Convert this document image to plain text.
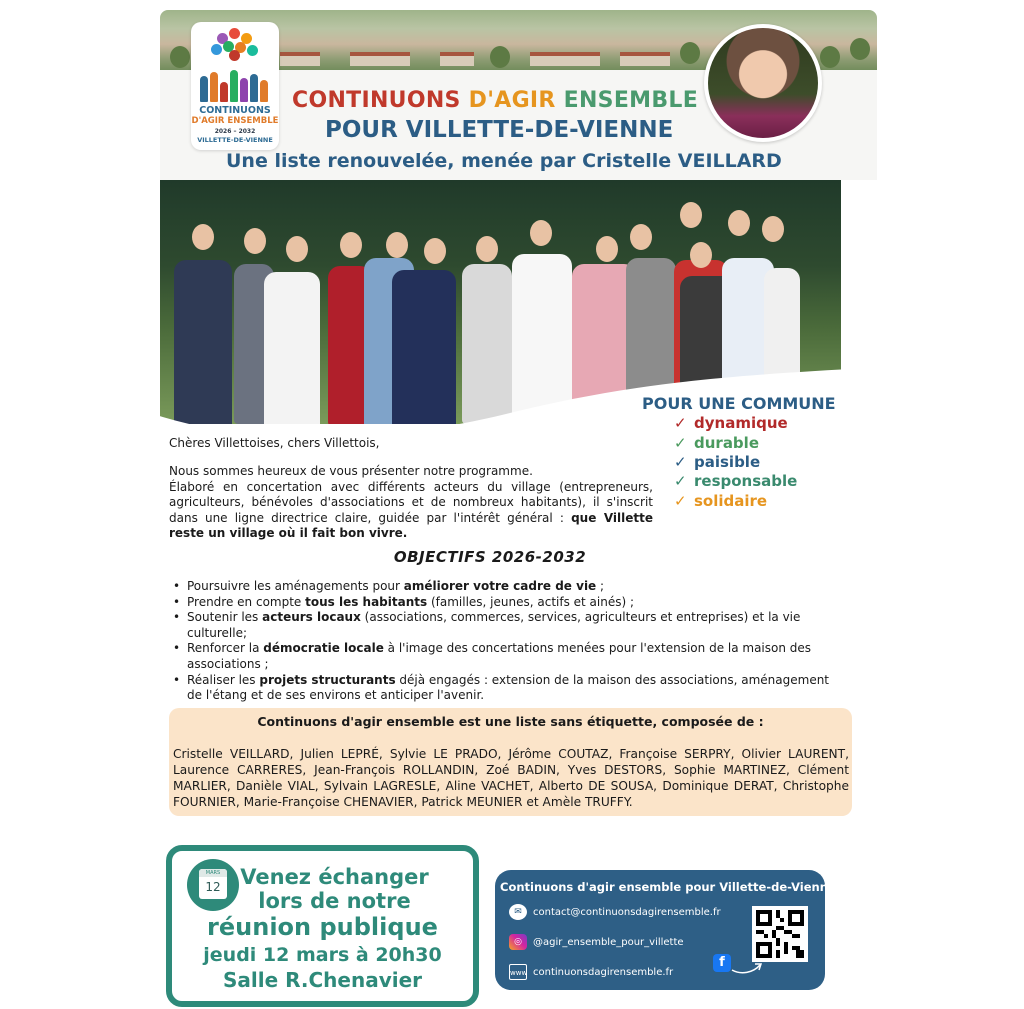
CONTINUONS
D'AGIR ENSEMBLE
2026 – 2032
VILLETTE-DE-VIENNE
CONTINUONS D'AGIR ENSEMBLE
POUR VILLETTE-DE-VIENNE
Une liste renouvelée, menée par Cristelle VEILLARD
POUR UNE COMMUNE
✓ dynamique
✓ durable
✓ paisible
✓ responsable
✓ solidaire
Chères Villettoises, chers Villettois,
Nous sommes heureux de vous présenter notre programme.
Élaboré en concertation avec différents acteurs du village (entrepreneurs, agriculteurs, bénévoles d'associations et de nombreux habitants), il s'inscrit dans une ligne directrice claire, guidée par l'intérêt général : que Villette reste un village où il fait bon vivre.
OBJECTIFS 2026-2032
• Poursuivre les aménagements pour améliorer votre cadre de vie ;
• Prendre en compte tous les habitants (familles, jeunes, actifs et ainés) ;
• Soutenir les acteurs locaux (associations, commerces, services, agriculteurs et entreprises) et la vie culturelle;
• Renforcer la démocratie locale à l'image des concertations menées pour l'extension de la maison des associations ;
• Réaliser les projets structurants déjà engagés : extension de la maison des associations, aménagement de l'étang et de ses environs et anticiper l'avenir.
Continuons d'agir ensemble est une liste sans étiquette, composée de :
Cristelle VEILLARD, Julien LEPRÉ, Sylvie LE PRADO, Jérôme COUTAZ, Françoise SERPRY, Olivier LAURENT, Laurence CARRERES, Jean-François ROLLANDIN, Zoé BADIN, Yves DESTORS, Sophie MARTINEZ, Clément MARLIER, Danièle VIAL, Sylvain LAGRESLE, Aline VACHET, Alberto DE SOUSA, Dominique DERAT, Christophe FOURNIER, Marie-Françoise CHENAVIER, Patrick MEUNIER et Amèle TRUFFY.
MARS
12 Venez échanger
lors de notre
réunion publique
jeudi 12 mars à 20h30
Salle R.Chenavier
Continuons d'agir ensemble pour Villette-de-Vienne
✉ contact@continuonsdagirensemble.fr
◎ @agir_ensemble_pour_villette
www continuonsdagirensemble.fr
f
